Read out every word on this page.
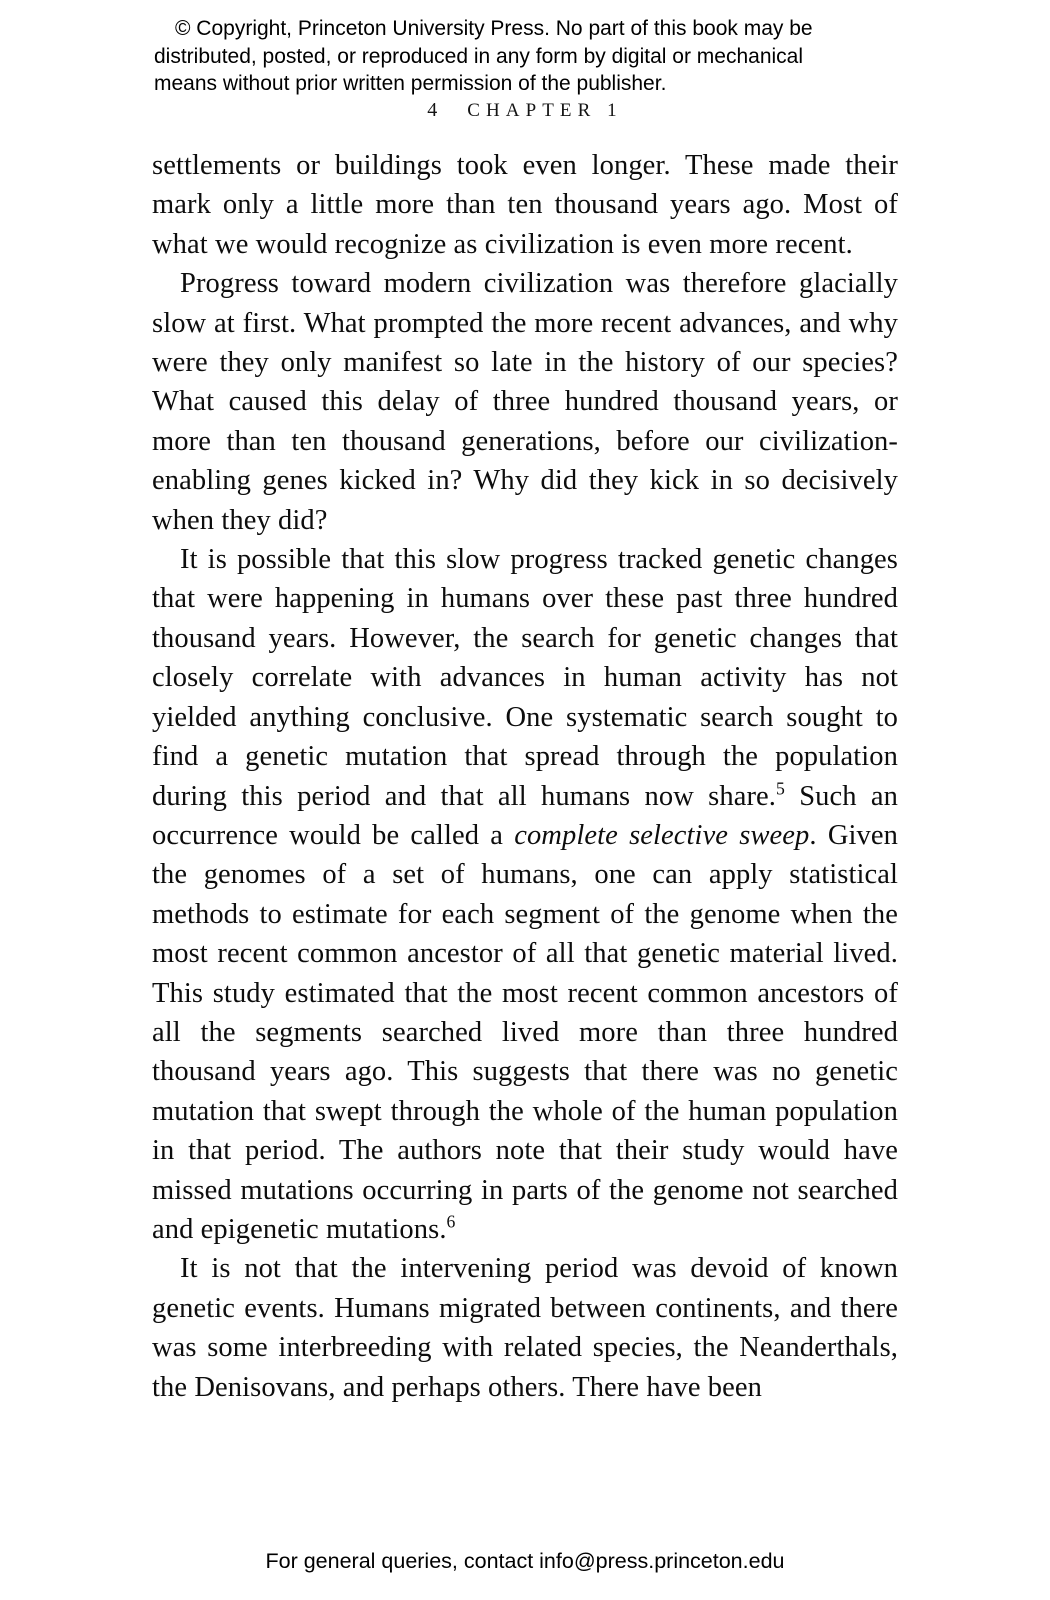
© Copyright, Princeton University Press. No part of this book may be
distributed, posted, or reproduced in any form by digital or mechanical
means without prior written permission of the publisher.
4 CHAPTER 1

settlements or buildings took even longer. These made their mark only a little more than ten thousand years ago. Most of what we would recognize as civilization is even more recent.

Progress toward modern civilization was therefore glacially slow at first. What prompted the more recent advances, and why were they only manifest so late in the history of our species? What caused this delay of three hundred thousand years, or more than ten thousand generations, before our civilization-enabling genes kicked in? Why did they kick in so decisively when they did?

It is possible that this slow progress tracked genetic changes that were happening in humans over these past three hundred thousand years. However, the search for genetic changes that closely correlate with advances in human activity has not yielded anything conclusive. One systematic search sought to find a genetic mutation that spread through the population during this period and that all humans now share.$^5$ Such an occurrence would be called a complete selective sweep. Given the genomes of a set of humans, one can apply statistical methods to estimate for each segment of the genome when the most recent common ancestor of all that genetic material lived. This study estimated that the most recent common ancestors of all the segments searched lived more than three hundred thousand years ago. This suggests that there was no genetic mutation that swept through the whole of the human population in that period. The authors note that their study would have missed mutations occurring in parts of the genome not searched and epigenetic mutations.$^6$

It is not that the intervening period was devoid of known genetic events. Humans migrated between continents, and there was some interbreeding with related species, the Neanderthals, the Denisovans, and perhaps others. There have been

For general queries, contact info@press.princeton.edu
